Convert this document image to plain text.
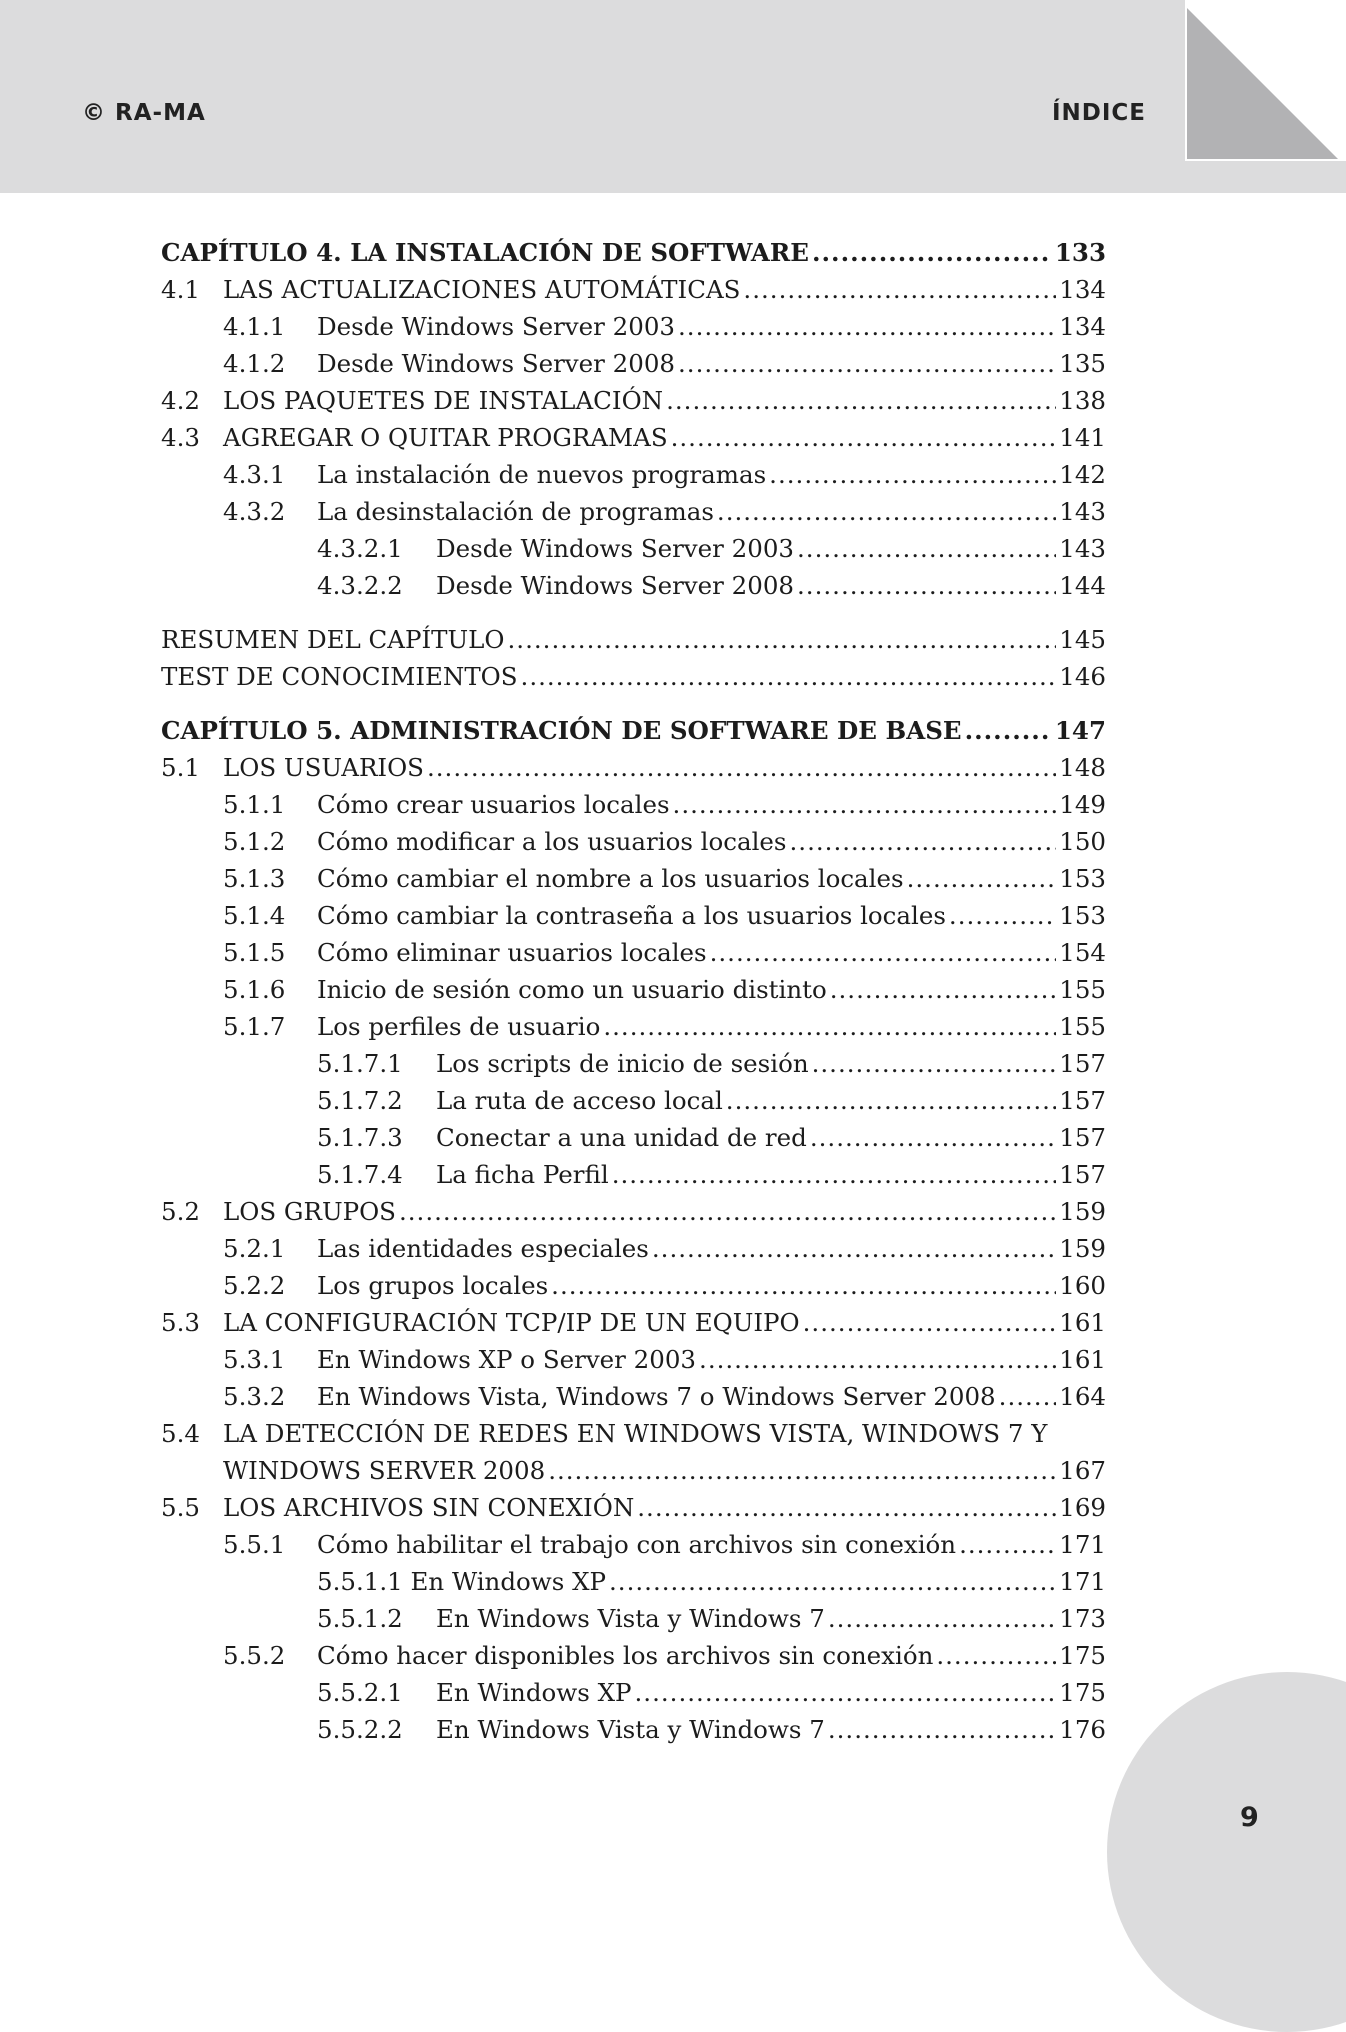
© RA-MA	ÍNDICE
CAPÍTULO 4. LA INSTALACIÓN DE SOFTWARE .....	133
4.1 LAS ACTUALIZACIONES AUTOMÁTICAS .....	134
4.1.1	Desde Windows Server 2003 .....	134
4.1.2	Desde Windows Server 2008 .....	135
4.2 LOS PAQUETES DE INSTALACIÓN .....	138
4.3 AGREGAR O QUITAR PROGRAMAS .....	141
4.3.1	La instalación de nuevos programas .....	142
4.3.2	La desinstalación de programas .....	143
4.3.2.1	Desde Windows Server 2003 .....	143
4.3.2.2	Desde Windows Server 2008 .....	144
RESUMEN DEL CAPÍTULO .....	145
TEST DE CONOCIMIENTOS .....	146
CAPÍTULO 5. ADMINISTRACIÓN DE SOFTWARE DE BASE .....	147
5.1 LOS USUARIOS .....	148
5.1.1	Cómo crear usuarios locales .....	149
5.1.2	Cómo modificar a los usuarios locales .....	150
5.1.3	Cómo cambiar el nombre a los usuarios locales .....	153
5.1.4	Cómo cambiar la contraseña a los usuarios locales .....	153
5.1.5	Cómo eliminar usuarios locales .....	154
5.1.6	Inicio de sesión como un usuario distinto .....	155
5.1.7	Los perfiles de usuario .....	155
5.1.7.1	Los scripts de inicio de sesión .....	157
5.1.7.2	La ruta de acceso local .....	157
5.1.7.3	Conectar a una unidad de red .....	157
5.1.7.4	La ficha Perfil .....	157
5.2 LOS GRUPOS .....	159
5.2.1	Las identidades especiales .....	159
5.2.2	Los grupos locales .....	160
5.3 LA CONFIGURACIÓN TCP/IP DE UN EQUIPO .....	161
5.3.1	En Windows XP o Server 2003 .....	161
5.3.2	En Windows Vista, Windows 7 o Windows Server 2008 .....	164
5.4 LA DETECCIÓN DE REDES EN WINDOWS VISTA, WINDOWS 7 Y
WINDOWS SERVER 2008 .....	167
5.5 LOS ARCHIVOS SIN CONEXIÓN .....	169
5.5.1	Cómo habilitar el trabajo con archivos sin conexión .....	171
5.5.1.1 En Windows XP .....	171
5.5.1.2	En Windows Vista y Windows 7 .....	173
5.5.2	Cómo hacer disponibles los archivos sin conexión .....	175
5.5.2.1	En Windows XP .....	175
5.5.2.2	En Windows Vista y Windows 7 .....	176
9
